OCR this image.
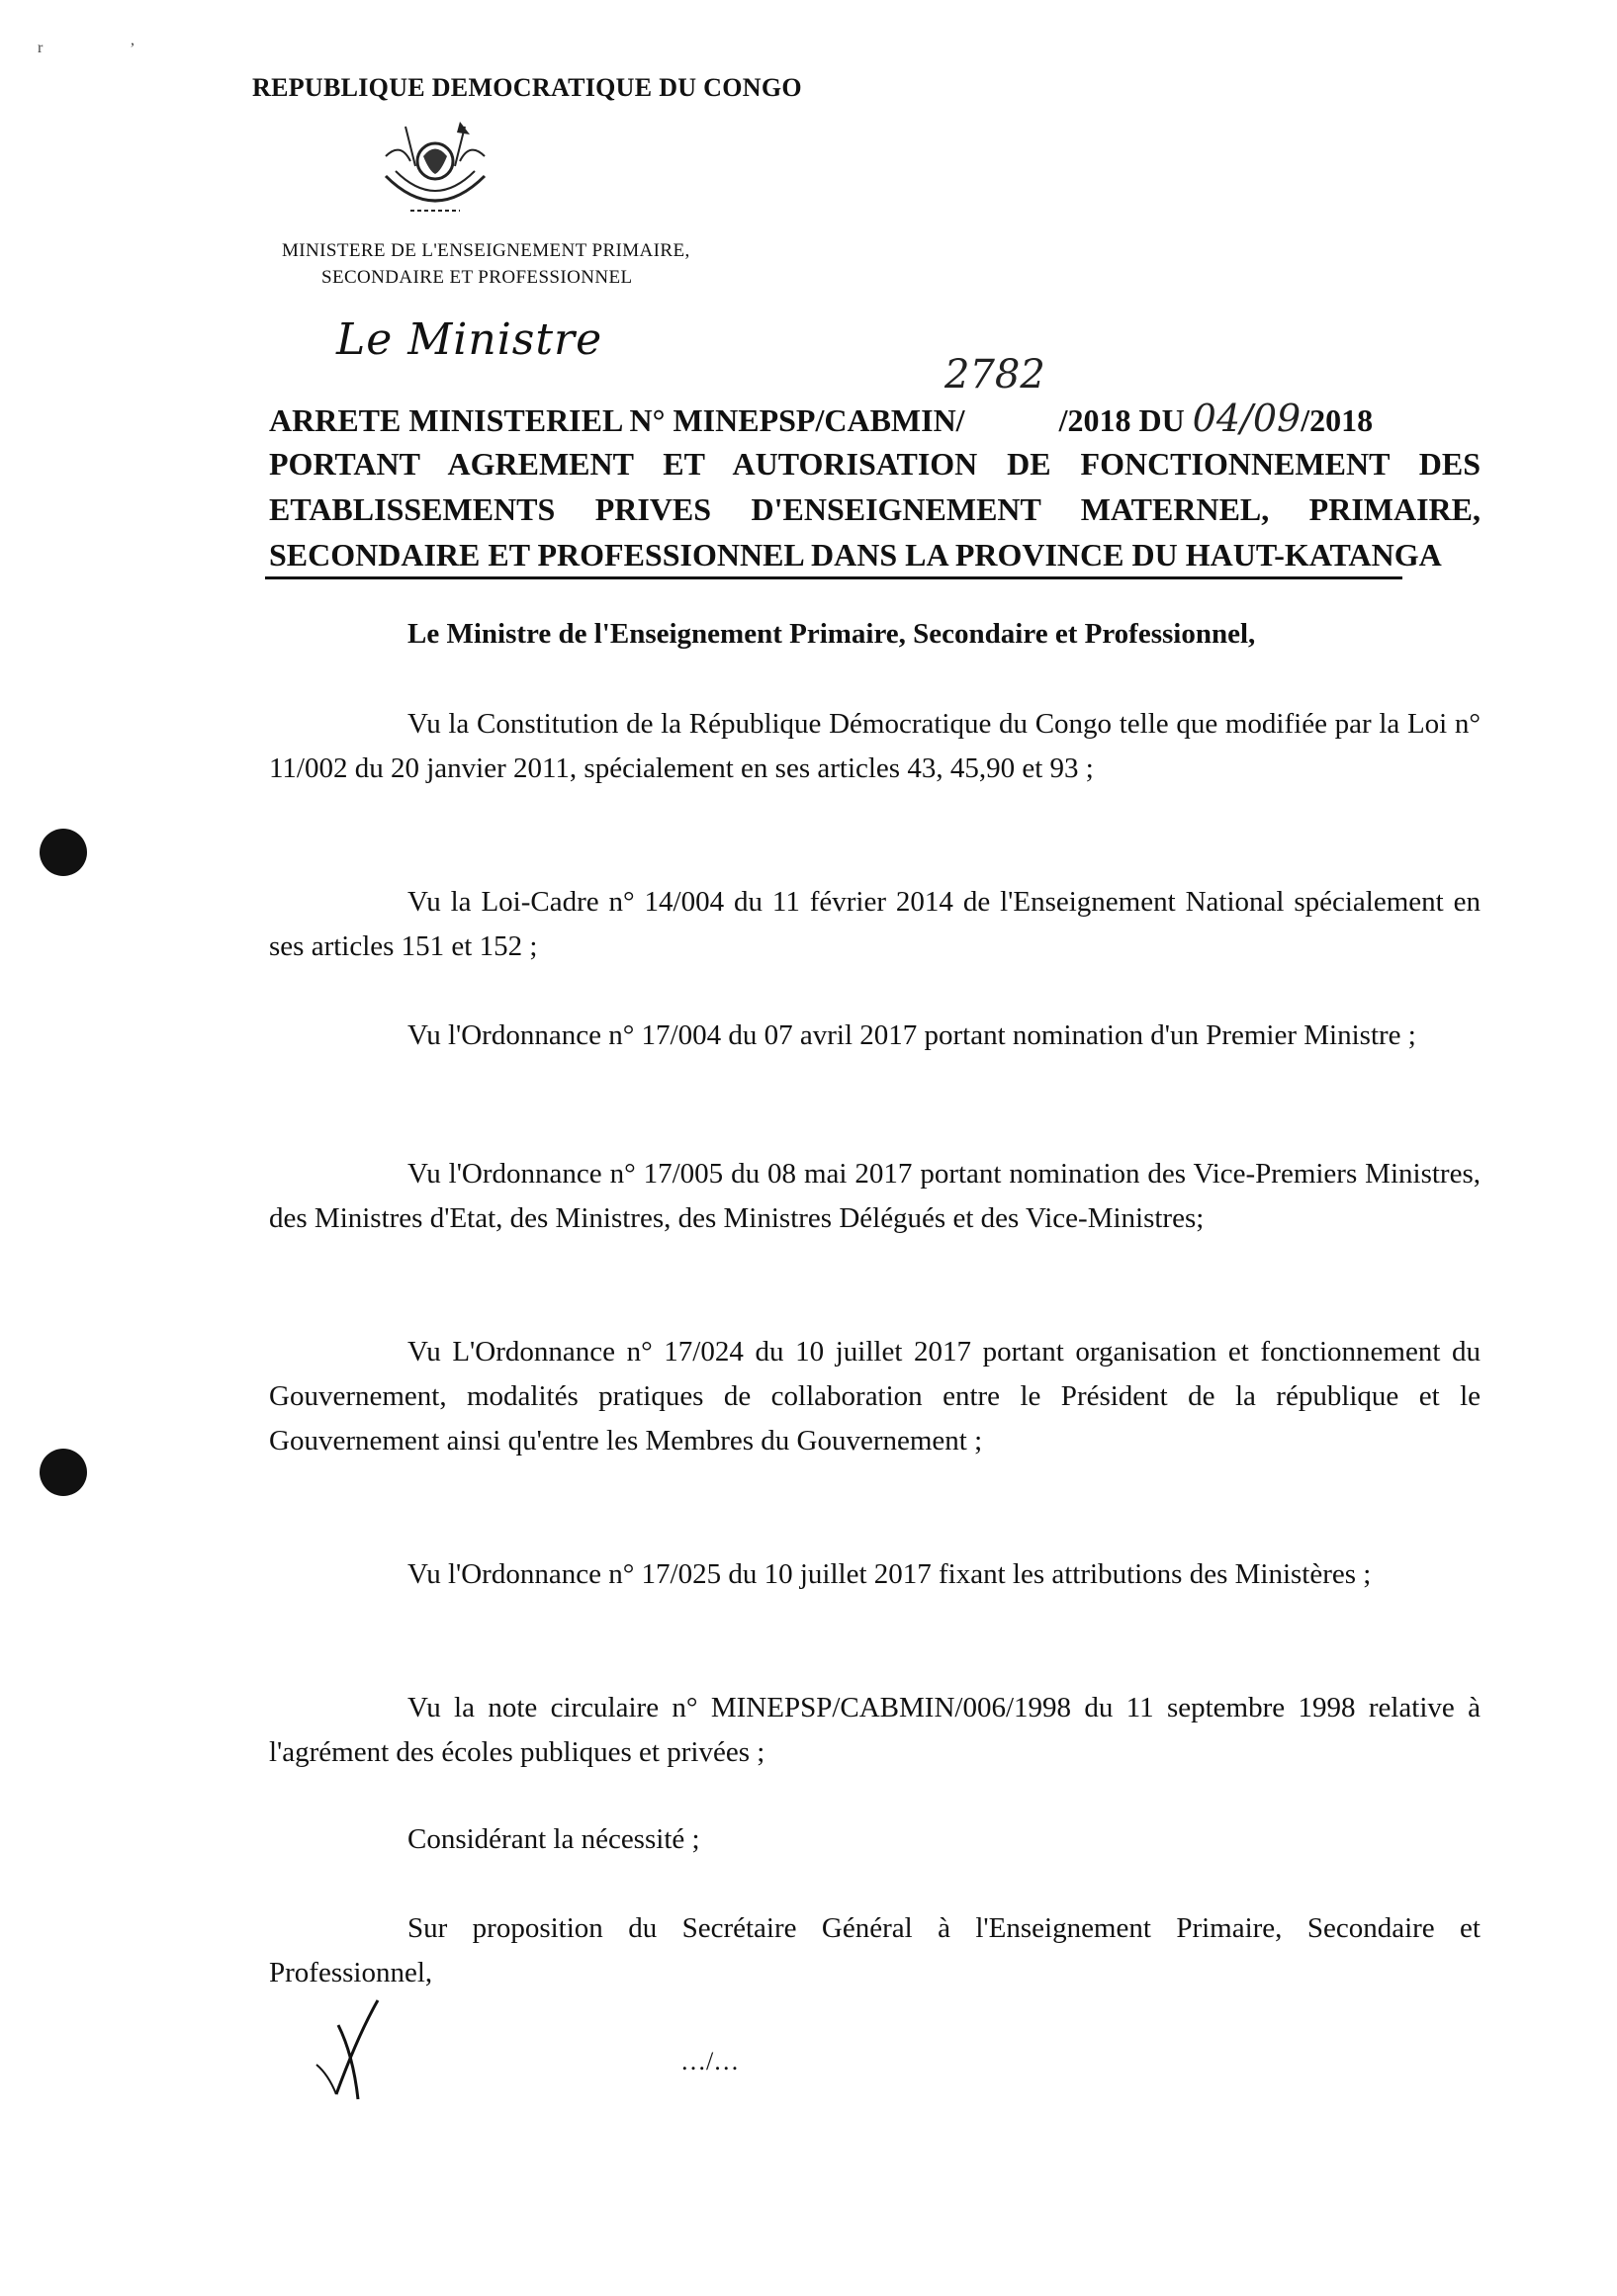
r	,
REPUBLIQUE DEMOCRATIQUE DU CONGO
MINISTERE DE L'ENSEIGNEMENT PRIMAIRE,
SECONDAIRE ET PROFESSIONNEL
Le Ministre
2782
ARRETE MINISTERIEL N° MINEPSP/CABMIN/	/2018 DU 04/09/2018
PORTANT AGREMENT ET AUTORISATION DE FONCTIONNEMENT DES ETABLISSEMENTS PRIVES D'ENSEIGNEMENT MATERNEL, PRIMAIRE, SECONDAIRE ET PROFESSIONNEL DANS LA PROVINCE DU HAUT-KATANGA
Le Ministre de l'Enseignement Primaire, Secondaire et Professionnel,
Vu la Constitution de la République Démocratique du Congo telle que modifiée par la Loi n° 11/002 du 20 janvier 2011, spécialement en ses articles 43, 45,90 et 93 ;
Vu la Loi-Cadre n° 14/004 du 11 février 2014 de l'Enseignement National spécialement en ses articles 151 et 152 ;
Vu l'Ordonnance n° 17/004 du 07 avril 2017 portant nomination d'un Premier Ministre ;
Vu l'Ordonnance n° 17/005 du 08 mai 2017 portant nomination des Vice-Premiers Ministres, des Ministres d'Etat, des Ministres, des Ministres Délégués et des Vice-Ministres;
Vu L'Ordonnance n° 17/024 du 10 juillet 2017 portant organisation et fonctionnement du Gouvernement, modalités pratiques de collaboration entre le Président de la république et le Gouvernement ainsi qu'entre les Membres du Gouvernement ;
Vu l'Ordonnance n° 17/025 du 10 juillet 2017 fixant les attributions des Ministères ;
Vu la note circulaire n° MINEPSP/CABMIN/006/1998 du 11 septembre 1998 relative à l'agrément des écoles publiques et privées ;
Considérant la nécessité ;
Sur proposition du Secrétaire Général à l'Enseignement Primaire, Secondaire et Professionnel,
…/…
